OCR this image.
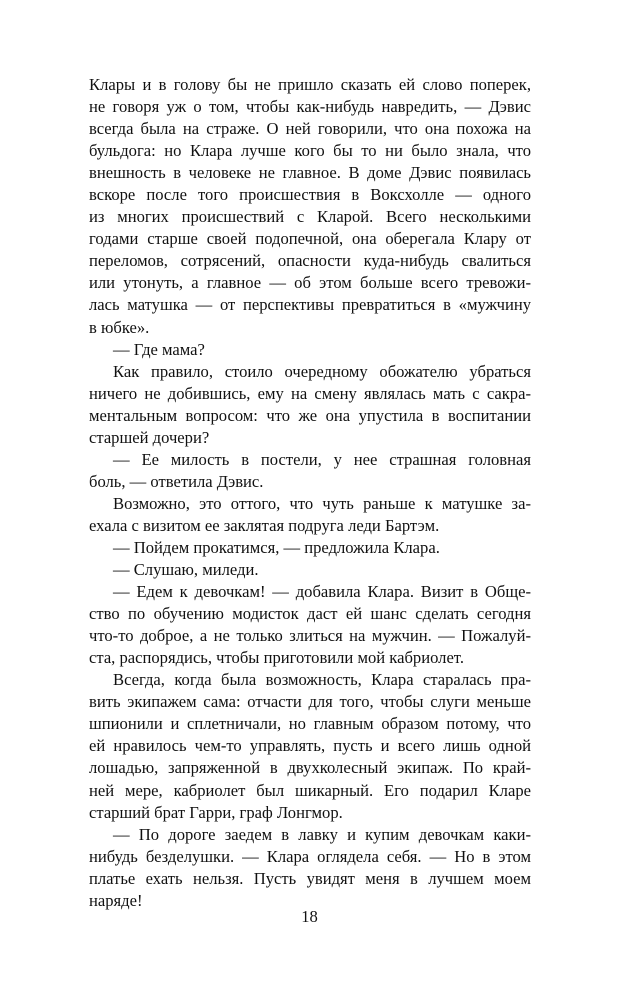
Клары и в голову бы не пришло сказать ей слово поперек,
не говоря уж о том, чтобы как-нибудь навредить, — Дэвис
всегда была на страже. О ней говорили, что она похожа на
бульдога: но Клара лучше кого бы то ни было знала, что
внешность в человеке не главное. В доме Дэвис появилась
вскоре после того происшествия в Воксхолле — одного
из многих происшествий с Кларой. Всего несколькими
годами старше своей подопечной, она оберегала Клару от
переломов, сотрясений, опасности куда-нибудь свалиться
или утонуть, а главное — об этом больше всего тревожи-
лась матушка — от перспективы превратиться в «мужчину
в юбке».
— Где мама?
Как правило, стоило очередному обожателю убраться
ничего не добившись, ему на смену являлась мать с сакра-
ментальным вопросом: что же она упустила в воспитании
старшей дочери?
— Ее милость в постели, у нее страшная головная
боль, — ответила Дэвис.
Возможно, это оттого, что чуть раньше к матушке за-
ехала с визитом ее заклятая подруга леди Бартэм.
— Пойдем прокатимся, — предложила Клара.
— Слушаю, миледи.
— Едем к девочкам! — добавила Клара. Визит в Обще-
ство по обучению модисток даст ей шанс сделать сегодня
что-то доброе, а не только злиться на мужчин. — Пожалуй-
ста, распорядись, чтобы приготовили мой кабриолет.
Всегда, когда была возможность, Клара старалась пра-
вить экипажем сама: отчасти для того, чтобы слуги меньше
шпионили и сплетничали, но главным образом потому, что
ей нравилось чем-то управлять, пусть и всего лишь одной
лошадью, запряженной в двухколесный экипаж. По край-
ней мере, кабриолет был шикарный. Его подарил Кларе
старший брат Гарри, граф Лонгмор.
— По дороге заедем в лавку и купим девочкам каки-
нибудь безделушки. — Клара оглядела себя. — Но в этом
платье ехать нельзя. Пусть увидят меня в лучшем моем
наряде!
18
